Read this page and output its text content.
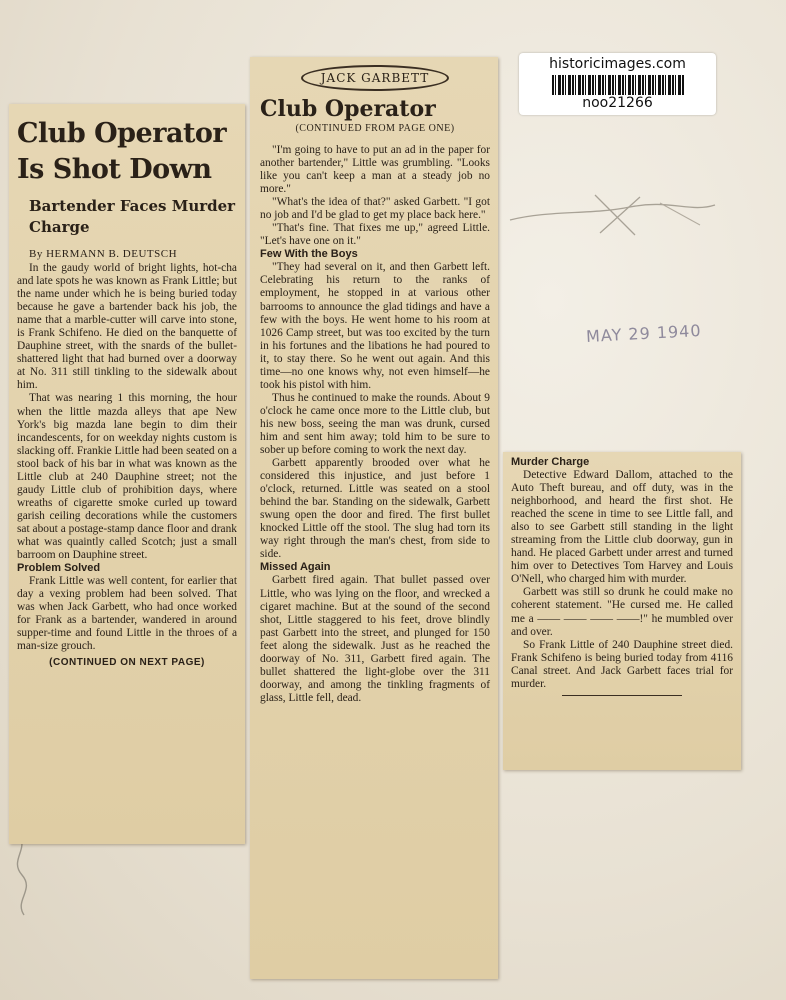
historicimages.com
noo21266
MAY 29 1940
Club Operator Is Shot Down
Bartender Faces Murder Charge
By HERMANN B. DEUTSCH

In the gaudy world of bright lights, hot-cha and late spots he was known as Frank Little; but the name under which he is being buried today because he gave a bartender back his job, the name that a marble-cutter will carve into stone, is Frank Schifeno. He died on the banquette of Dauphine street, with the snards of the bullet-shattered light that had burned over a doorway at No. 311 still tinkling to the sidewalk about him.

That was nearing 1 this morning, the hour when the little mazda alleys that ape New York's big mazda lane begin to dim their incandescents, for on weekday nights custom is slacking off. Frankie Little had been seated on a stool back of his bar in what was known as the Little club at 240 Dauphine street; not the gaudy Little club of prohibition days, where wreaths of cigarette smoke curled up toward garish ceiling decorations while the customers sat about a postage-stamp dance floor and drank what was quaintly called Scotch; just a small barroom on Dauphine street.

Problem Solved

Frank Little was well content, for earlier that day a vexing problem had been solved. That was when Jack Garbett, who had once worked for Frank as a bartender, wandered in around supper-time and found Little in the throes of a man-size grouch.

(CONTINUED ON NEXT PAGE)
JACK GARBETT
Club Operator
(CONTINUED FROM PAGE ONE)

"I'm going to have to put an ad in the paper for another bartender," Little was grumbling. "Looks like you can't keep a man at a steady job no more."

"What's the idea of that?" asked Garbett. "I got no job and I'd be glad to get my place back here."

"That's fine. That fixes me up," agreed Little. "Let's have one on it."

Few With the Boys

"They had several on it, and then Garbett left. Celebrating his return to the ranks of employment, he stopped in at various other barrooms to announce the glad tidings and have a few with the boys. He went home to his room at 1026 Camp street, but was too excited by the turn in his fortunes and the libations he had poured to it, to stay there. So he went out again. And this time—no one knows why, not even himself—he took his pistol with him.

Thus he continued to make the rounds. About 9 o'clock he came once more to the Little club, but his new boss, seeing the man was drunk, cursed him and sent him away; told him to be sure to sober up before coming to work the next day.

Garbett apparently brooded over what he considered this injustice, and just before 1 o'clock, returned. Little was seated on a stool behind the bar. Standing on the sidewalk, Garbett swung open the door and fired. The first bullet knocked Little off the stool. The slug had torn its way right through the man's chest, from side to side.

Missed Again

Garbett fired again. That bullet passed over Little, who was lying on the floor, and wrecked a cigaret machine. But at the sound of the second shot, Little staggered to his feet, drove blindly past Garbett into the street, and plunged for 150 feet along the sidewalk. Just as he reached the doorway of No. 311, Garbett fired again. The bullet shattered the light-globe over the 311 doorway, and among the tinkling fragments of glass, Little fell, dead.

Murder Charge

Detective Edward Dallom, attached to the Auto Theft bureau, and off duty, was in the neighborhood, and heard the first shot. He reached the scene in time to see Little fall, and also to see Garbett still standing in the light streaming from the Little club doorway, gun in hand. He placed Garbett under arrest and turned him over to Detectives Tom Harvey and Louis O'Nell, who charged him with murder.

Garbett was still so drunk he could make no coherent statement. "He cursed me. He called me a —— —— —— ——!" he mumbled over and over.

So Frank Little of 240 Dauphine street died. Frank Schifeno is being buried today from 4116 Canal street. And Jack Garbett faces trial for murder.
